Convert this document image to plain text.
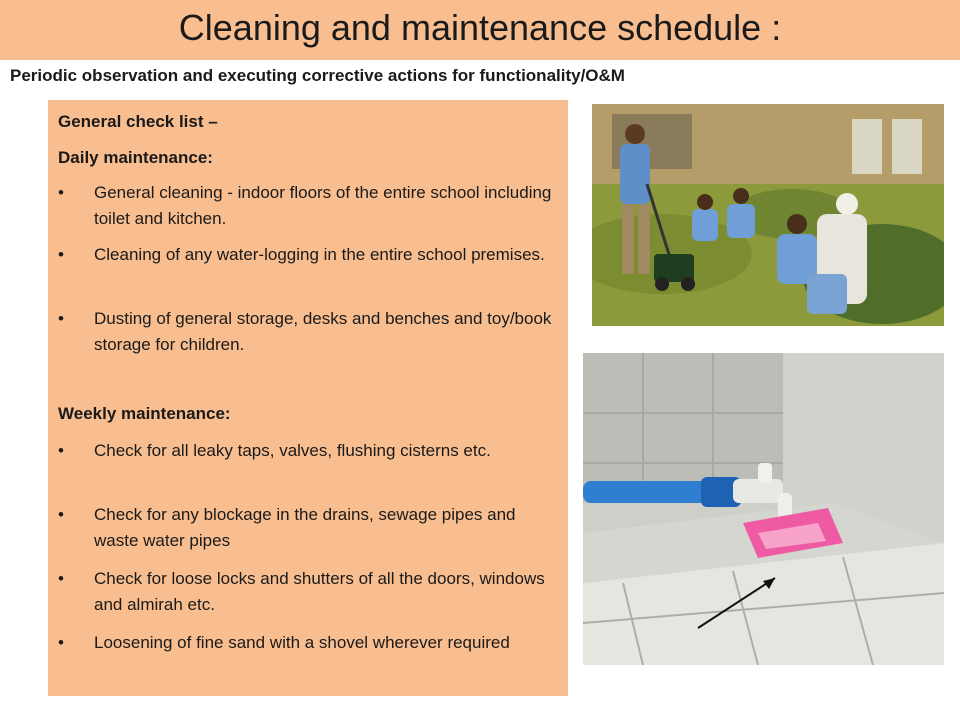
Cleaning and maintenance schedule :
Periodic observation and executing corrective actions for functionality/O&M
General check list –
Daily maintenance:
• General cleaning - indoor floors of the entire school including toilet and kitchen.
• Cleaning of any water-logging in the entire school premises.
• Dusting of general storage, desks and benches and toy/book storage for children.
Weekly maintenance:
• Check for all leaky taps, valves, flushing cisterns etc.
• Check for any blockage in the drains, sewage pipes and waste water pipes
• Check for loose locks and shutters of all the doors, windows and almirah etc.
• Loosening of fine sand with a shovel wherever required
